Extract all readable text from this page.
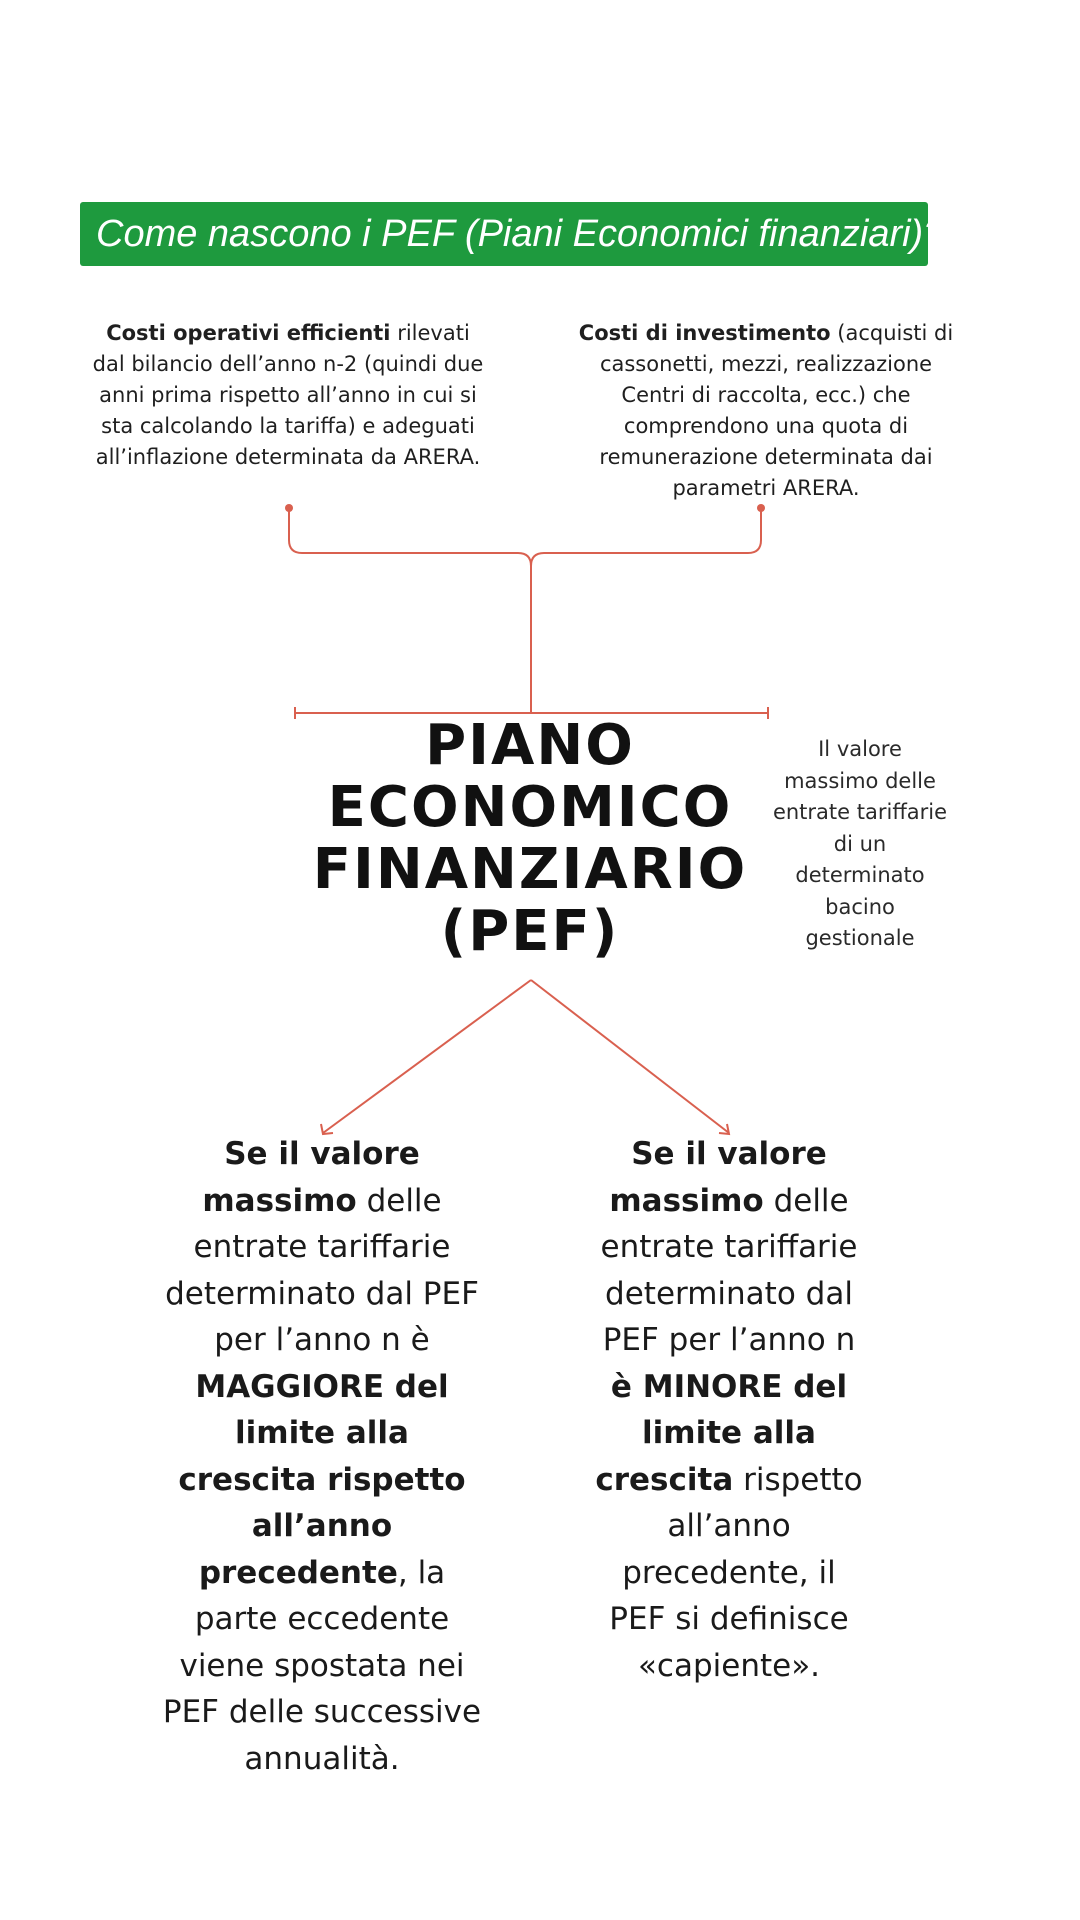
Come nascono i PEF (Piani Economici finanziari)?
Costi operativi efficienti rilevati dal bilancio dell’anno n-2 (quindi due anni prima rispetto all’anno in cui si sta calcolando la tariffa) e adeguati all’inflazione determinata da ARERA.
Costi di investimento (acquisti di cassonetti, mezzi, realizzazione Centri di raccolta, ecc.) che comprendono una quota di remunerazione determinata dai parametri ARERA.
PIANO
ECONOMICO
FINANZIARIO
(PEF)
Il valore massimo delle entrate tariffarie di un determinato bacino gestionale
Se il valore massimo delle entrate tariffarie determinato dal PEF per l’anno n è MAGGIORE del limite alla crescita rispetto all’anno precedente, la parte eccedente viene spostata nei PEF delle successive annualità.
Se il valore massimo delle entrate tariffarie determinato dal PEF per l’anno n è MINORE del limite alla crescita rispetto all’anno precedente, il PEF si definisce «capiente».
